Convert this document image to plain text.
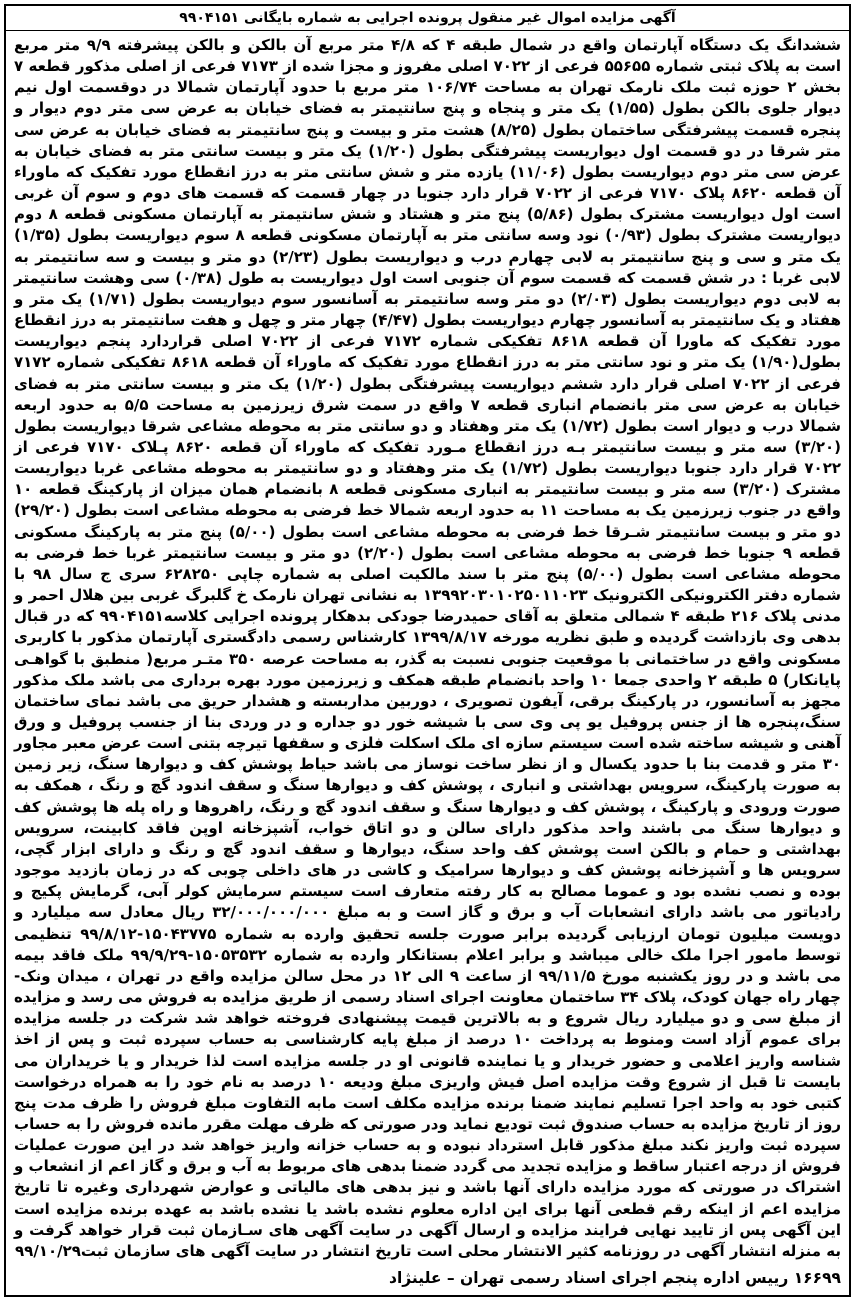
آگهی مزایده اموال غیر منقول پرونده اجرایی به شماره بایگانی ۹۹۰۴۱۵۱
ششدانگ یک دستگاه آپارتمان واقع در شمال طبقه ۴ که ۴/۸ متر مربع آن بالکن و بالکن پیشرفته ۹/۹ متر مربع است به پلاک ثبتی شماره ۵۵۶۵۵ فرعی از ۷۰۲۲ اصلی مفروز و مجزا شده از ۷۱۷۳ فرعی از اصلی مذکور قطعه ۷ بخش ۲ حوزه ثبت ملک نارمک تهران به مساحت ۱۰۶/۷۴ متر مربع با حدود آپارتمان شمالا در دوقسمت اول نیم دیوار جلوی بالکن بطول (۱/۵۵) یک متر و پنجاه و پنج سانتیمتر به فضای خیابان به عرض سی متر دوم دیوار و پنجره قسمت پیشرفتگی ساختمان بطول (۸/۲۵) هشت متر و بیست و پنج سانتیمتر به فضای خیابان به عرض سی متر شرقا در دو قسمت اول دیواریست پیشرفتگی بطول (۱/۲۰) یک متر و بیست سانتی متر به فضای خیابان به عرض سی متر دوم دیواریست بطول (۱۱/۰۶) یازده متر و شش سانتی متر به درز انقطاع مورد تفکیک که ماوراء آن قطعه ۸۶۲۰ پلاک ۷۱۷۰ فرعی از ۷۰۲۲ قرار دارد جنوبا در چهار قسمت که قسمت های دوم و سوم آن غربی است اول دیواریست مشترک بطول (۵/۸۶) پنج متر و هشتاد و شش سانتیمتر به آپارتمان مسکونی قطعه ۸ دوم دیواریست مشترک بطول (۰/۹۳) نود وسه سانتی متر به آپارتمان مسکونی قطعه ۸ سوم دیواریست بطول (۱/۳۵) یک متر و سی و پنج سانتیمتر به لابی چهارم درب و دیواریست بطول (۲/۲۳) دو متر و بیست و سه سانتیمتر به لابی غربا : در شش قسمت که قسمت سوم آن جنوبی است اول دیواریست به طول (۰/۳۸) سی وهشت سانتیمتر به لابی دوم دیواریست بطول (۲/۰۳) دو متر وسه سانتیمتر به آسانسور سوم دیواریست بطول (۱/۷۱) یک متر و هفتاد و یک سانتیمتر به آسانسور چهارم دیواریست بطول (۴/۴۷) چهار متر و چهل و هفت سانتیمتر به درز انقطاع مورد تفکیک که ماورا آن قطعه ۸۶۱۸ تفکیکی شماره ۷۱۷۲ فرعی از ۷۰۲۲ اصلی قراردارد پنجم دیواریست بطول(۱/۹۰) یک متر و نود سانتی متر به درز انقطاع مورد تفکیک که ماوراء آن قطعه ۸۶۱۸ تفکیکی شماره ۷۱۷۲ فرعی از ۷۰۲۲ اصلی قرار دارد ششم دیواریست پیشرفتگی بطول (۱/۲۰) یک متر و بیست سانتی متر به فضای خیابان به عرض سی متر بانضمام انباری قطعه ۷ واقع در سمت شرق زیرزمین به مساحت ۵/۵ به حدود اربعه شمالا درب و دیوار است بطول (۱/۷۲) یک متر وهفتاد و دو سانتی متر به محوطه مشاعی شرقا دیواریست بطول (۳/۲۰) سه متر و بیست سانتیمتر بـه درز انقطاع مـورد تفکیک که ماوراء آن قطعه ۸۶۲۰ پـلاک ۷۱۷۰ فرعی از ۷۰۲۲ قرار دارد جنوبا دیواریست بطول (۱/۷۲) یک متر وهفتاد و دو سانتیمتر به محوطه مشاعی غربا دیواریست مشترک (۳/۲۰) سه متر و بیست سانتیمتر به انباری مسکونی قطعه ۸ بانضمام همان میزان از پارکینگ قطعه ۱۰ واقع در جنوب زیرزمین یک به مساحت ۱۱ به حدود اربعه شمالا خط فرضی به محوطه مشاعی است بطول (۲۹/۲۰) دو متر و بیست سانتیمتر شـرقا خط فرضی به محوطه مشاعی است بطول (۵/۰۰) پنج متر به پارکینگ مسکونی قطعه ۹ جنوبا خط فرضی به محوطه مشاعی است بطول (۲/۲۰) دو متر و بیست سانتیمتر غربا خط فرضی به محوطه مشاعی است بطول (۵/۰۰) پنج متر با سند مالکیت اصلی به شماره چاپی ۶۲۸۲۵۰ سری ج سال ۹۸ با شماره دفتر الکترونیکی الکترونیک ۱۳۹۹۲۰۳۰۱۰۲۵۰۱۱۰۲۳ به نشانی تهران نارمک خ گلبرگ غربی بین هلال احمر و مدنی پلاک ۲۱۶ طبقه ۴ شمالی متعلق به آقای حمیدرضا جودکی بدهکار پرونده اجرایی کلاسه۹۹۰۴۱۵۱ که در قبال بدهی وی بازداشت گردیده و طبق نظریه مورخه ۱۳۹۹/۸/۱۷ کارشناس رسمی دادگستری آپارتمان مذکور با کاربری مسکونی واقع در ساختمانی با موقعیت جنوبی نسبت به گذر، به مساحت عرصه ۳۵۰ متـر مربع( منطبق با گواهـی پایانکار) ۵ طبقه ۲ واحدی جمعا ۱۰ واحد بانضمام طبقه همکف و زیرزمین مورد بهره برداری می باشد ملک مذکور مجهز به آسانسور، در پارکینگ برقی، آیفون تصویری ، دوربین مداربسته و هشدار حریق می باشد نمای ساختمان سنگ،پنجره ها از جنس پروفیل یو پی وی سی با شیشه خور دو جداره و در وردی بنا از جنسب پروفیل و ورق آهنی و شیشه ساخته شده است سیستم سازه ای ملک اسکلت فلزی و سقفها تیرچه بتنی است عرض معبر مجاور ۳۰ متر و قدمت بنا با حدود یکسال و از نظر ساخت نوساز می باشد حیاط پوشش کف و دیوارها سنگ، زیر زمین به صورت پارکینگ، سرویس بهداشتی و انباری ، پوشش کف و دیوارها سنگ و سقف اندود گچ و رنگ ، همکف به صورت ورودی و پارکینگ ، پوشش کف و دیوارها سنگ و سقف اندود گچ و رنگ، راهروها و راه پله ها پوشش کف و دیوارها سنگ می باشند واحد مذکور دارای سالن و دو اتاق خواب، آشپزخانه اوپن فاقد کابینت، سرویس بهداشتی و حمام و بالکن است پوشش کف واحد سنگ، دیوارها و سقف اندود گچ و رنگ و دارای ابزار گچی، سرویس ها و آشپزخانه پوشش کف و دیوارها سرامیک و کاشی در های داخلی چوبی که در زمان بازدید موجود بوده و نصب نشده بود و عموما مصالح به کار رفته متعارف است سیستم سرمایش کولر آبی، گرمایش پکیج و رادیاتور می باشد دارای انشعابات آب و برق و گاز است و به مبلغ ۳۲/۰۰۰/۰۰۰/۰۰۰ ریال معادل سه میلیارد و دویست میلیون تومان ارزیابی گردیده برابر صورت جلسه تحقیق وارده به شماره ۱۵۰۴۳۷۷۵-۹۹/۸/۱۲ تنظیمی توسط مامور اجرا ملک خالی میباشد و برابر اعلام بستانکار وارده به شماره ۱۵۰۵۳۵۳۲-۹۹/۹/۲۹ ملک فاقد بیمه می باشد و در روز یکشنبه مورخ ۹۹/۱۱/۵ از ساعت ۹ الی ۱۲ در محل سالن مزایده واقع در تهران ، میدان ونک- چهار راه جهان کودک، پلاک ۳۴ ساختمان معاونت اجرای اسناد رسمی از طریق مزایده به فروش می رسد و مزایده از مبلغ سی و دو میلیارد ریال شروع و به بالاترین قیمت پیشنهادی فروخته خواهد شد شرکت در جلسه مزایده برای عموم آزاد است ومنوط به پرداخت ۱۰ درصد از مبلغ پایه کارشناسی به حساب سپرده ثبت و پس از اخذ شناسه واریز اعلامی و حضور خریدار و یا نماینده قانونی او در جلسه مزایده است لذا خریدار و یا خریداران می بایست تا قبل از شروع وقت مزایده اصل فیش واریزی مبلغ ودیعه ۱۰ درصد به نام خود را به همراه درخواست کتبی خود به واحد اجرا تسلیم نمایند ضمنا برنده مزایده مکلف است مابه التفاوت مبلغ فروش را ظرف مدت پنج روز از تاریخ مزایده به حساب صندوق ثبت تودیع نماید ودر صورتی که ظرف مهلت مقرر مانده فروش را به حساب سپرده ثبت واریز نکند مبلغ مذکور قابل استرداد نبوده و به حساب خزانه واریز خواهد شد در این صورت عملیات فروش از درجه اعتبار ساقط و مزایده تجدید می گردد ضمنا بدهی های مربوط به آب و برق و گاز اعم از انشعاب و اشتراک در صورتی که مورد مزایده دارای آنها باشد و نیز بدهی های مالیاتی و عوارض شهرداری وغیره تا تاریخ مزایده اعم از اینکه رقم قطعی آنها برای این اداره معلوم نشده باشد یا نشده باشد به عهده برنده مزایده است این آگهی پس از تایید نهایی فرایند مزایده و ارسال آگهی در سایت آگهی های سـازمان ثبت قرار خواهد گرفت و به منزله انتشار آگهی در روزنامه کثیر الانتشار محلی است تاریخ انتشار در سایت آگهی های سازمان ثبت۹۹/۱۰/۲۹
۱۶۶۹۹ رییس اداره پنجم اجرای اسناد رسمی تهران – علینژاد
